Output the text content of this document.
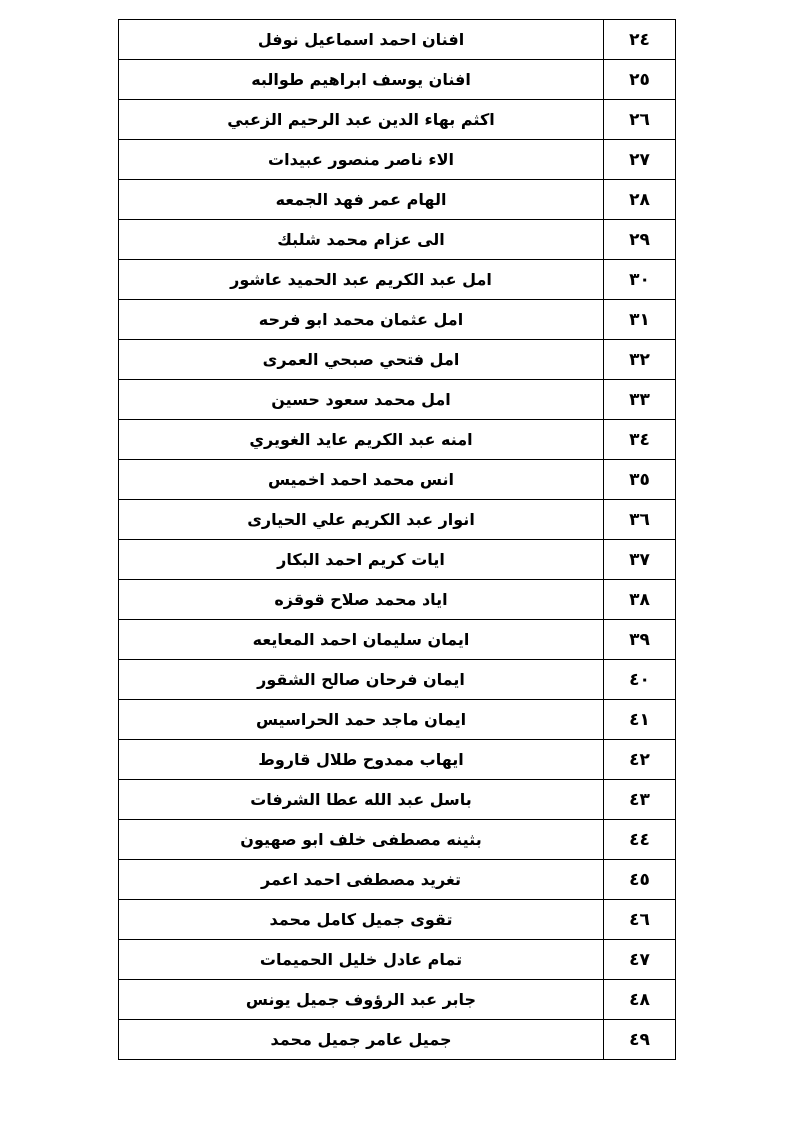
٢٤	افنان احمد اسماعيل نوفل
٢٥	افنان يوسف ابراهيم طوالبه
٢٦	اكثم بهاء الدين عبد الرحيم الزعبي
٢٧	الاء ناصر منصور عبيدات
٢٨	الهام عمر فهد الجمعه
٢٩	الى عزام محمد شلبك
٣٠	امل عبد الكريم عبد الحميد عاشور
٣١	امل عثمان محمد ابو فرحه
٣٢	امل فتحي صبحي العمرى
٣٣	امل محمد سعود حسين
٣٤	امنه عبد الكريم عايد الغويري
٣٥	انس محمد احمد اخميس
٣٦	انوار عبد الكريم علي الحيارى
٣٧	ايات كريم احمد البكار
٣٨	اياد محمد صلاح قوقزه
٣٩	ايمان سليمان احمد المعايعه
٤٠	ايمان فرحان صالح الشقور
٤١	ايمان ماجد حمد الحراسيس
٤٢	ايهاب ممدوح طلال قاروط
٤٣	باسل عبد الله عطا الشرفات
٤٤	بثينه مصطفى خلف ابو صهيون
٤٥	تغريد مصطفى احمد اعمر
٤٦	تقوى جميل كامل محمد
٤٧	تمام عادل خليل الحميمات
٤٨	جابر عبد الرؤوف جميل يونس
٤٩	جميل عامر جميل محمد
